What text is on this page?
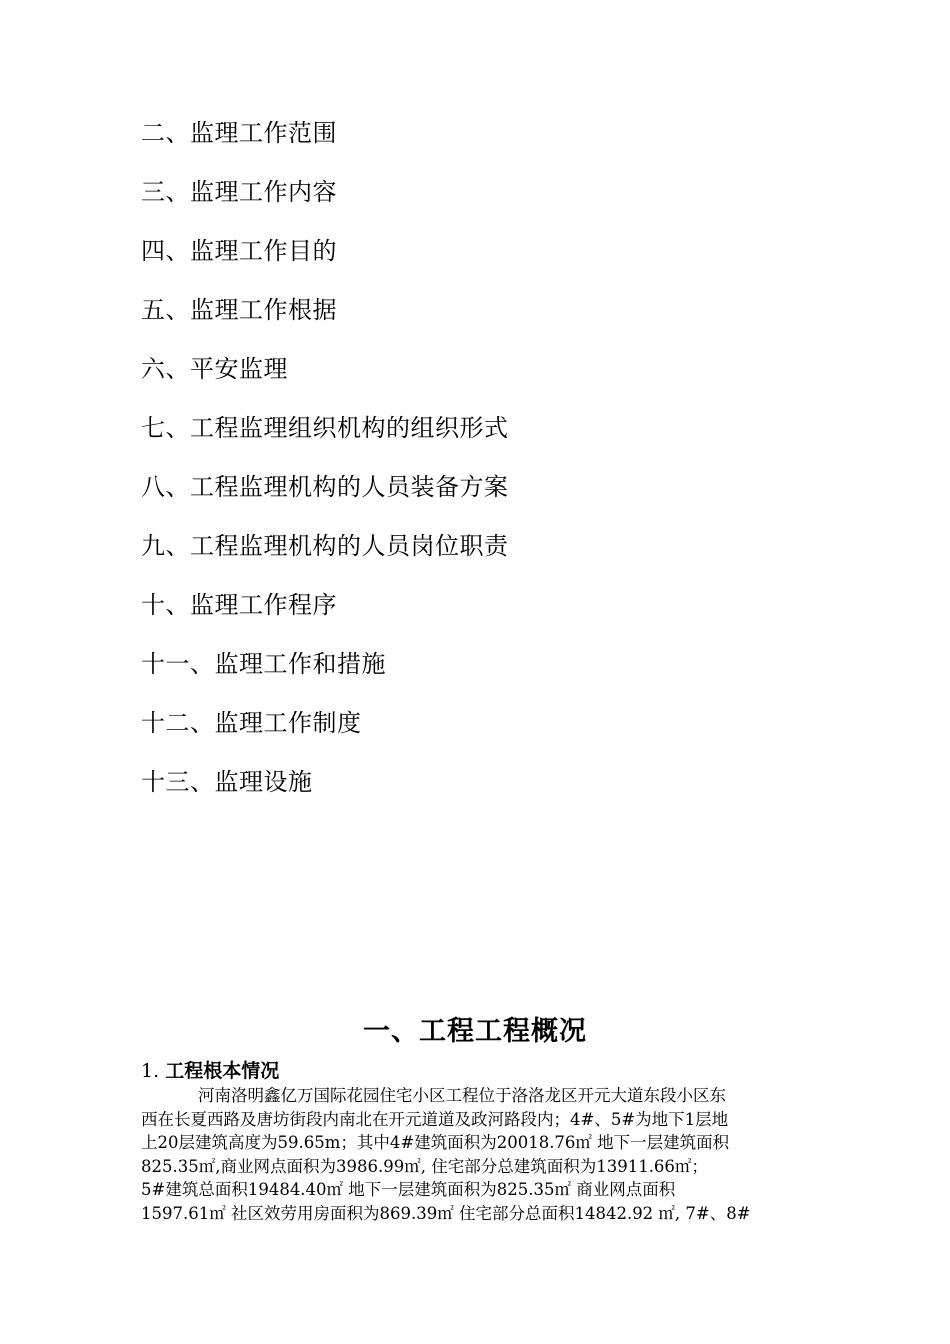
二、监理工作范围
三、监理工作内容
四、监理工作目的
五、监理工作根据
六、平安监理
七、工程监理组织机构的组织形式
八、工程监理机构的人员装备方案
九、工程监理机构的人员岗位职责
十、监理工作程序
十一、监理工作和措施
十二、监理工作制度
十三、监理设施
一、工程工程概况
1. 工程根本情况
河南洛明鑫亿万国际花园住宅小区工程位于洛洛龙区开元大道东段小区东
西在长夏西路及唐坊街段内南北在开元道道及政河路段内；4#、5#为地下1层地
上20层建筑高度为59.65m；其中4#建筑面积为20018.76㎡ 地下一层建筑面积
825.35㎡,商业网点面积为3986.99㎡, 住宅部分总建筑面积为13911.66㎡；
5#建筑总面积19484.40㎡ 地下一层建筑面积为825.35㎡ 商业网点面积
1597.61㎡ 社区效劳用房面积为869.39㎡ 住宅部分总面积14842.92 ㎡, 7#、8#
